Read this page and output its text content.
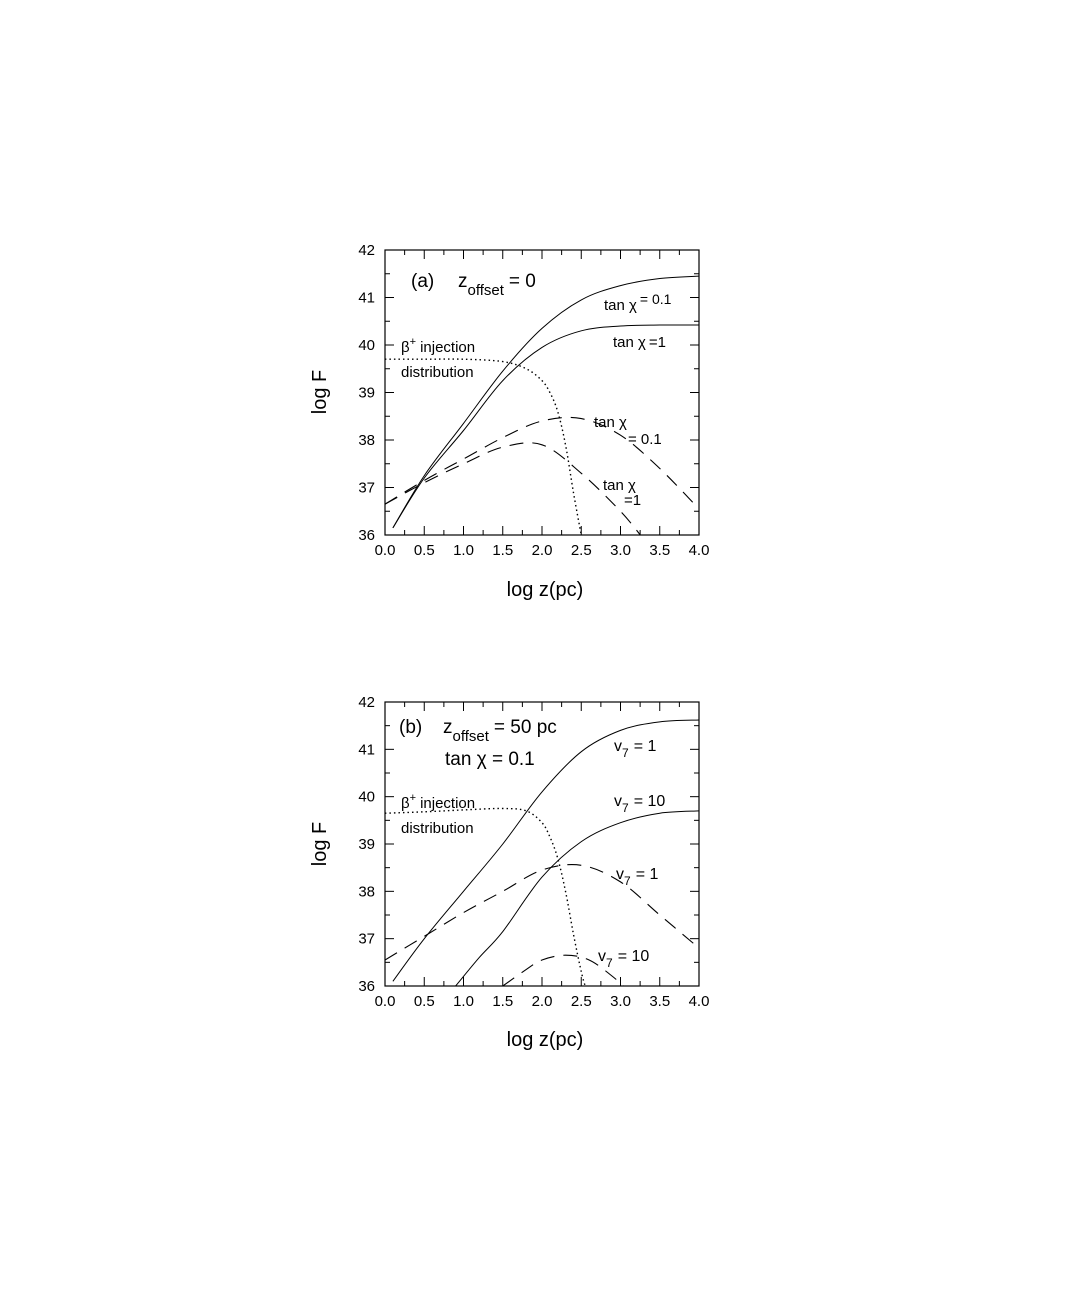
0.0 0.5 1.0 1.5 2.0 2.5 3.0 3.5 4.0
36
37
38
39
40
41
42
log z(pc)
log F
(a) $z_{offset} = 0$
tan χ = 0.1
tan χ =1
tan χ
= 0.1
tan χ
=1
β+ injection
distribution
0.0 0.5 1.0 1.5 2.0 2.5 3.0 3.5 4.0
36
37
38
39
40
41
42
log z(pc)
log F
(b) $z_{offset} = 50$ pc
tan χ = 0.1
$v_7 = 1$
$v_7 = 10$
$v_7 = 1$
$v_7 = 10$
β+ injection
distribution
